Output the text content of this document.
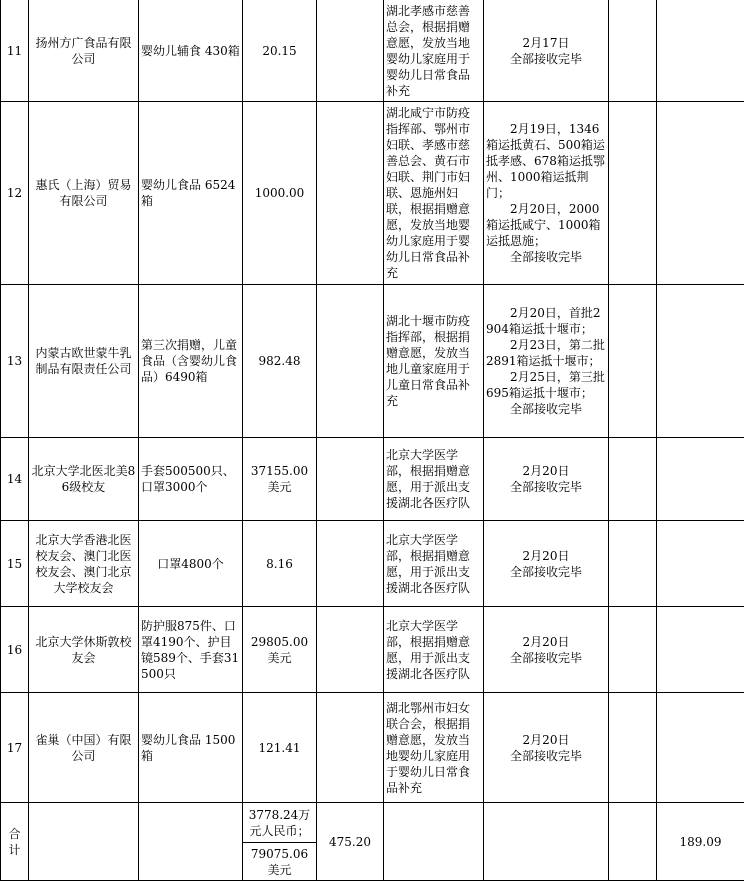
11	扬州方广食品有限公司	婴幼儿辅食 430箱	20.15		湖北孝感市慈善总会，根据捐赠意愿，发放当地婴幼儿家庭用于婴幼儿日常食品补充	2月17日
全部接收完毕		

12	惠氏（上海）贸易有限公司	婴幼儿食品 6524箱	1000.00		湖北咸宁市防疫指挥部、鄂州市妇联、孝感市慈善总会、黄石市妇联、荆门市妇联、恩施州妇联，根据捐赠意愿，发放当地婴幼儿家庭用于婴幼儿日常食品补充	2月19日，1346箱运抵黄石、500箱运抵孝感、678箱运抵鄂州、1000箱运抵荆门；
2月20日，2000箱运抵咸宁、1000箱运抵恩施；
全部接收完毕		

13	内蒙古欧世蒙牛乳制品有限责任公司	第三次捐赠，儿童食品（含婴幼儿食品）6490箱	982.48		湖北十堰市防疫指挥部，根据捐赠意愿，发放当地儿童家庭用于儿童日常食品补充	2月20日，首批2904箱运抵十堰市；
2月23日，第二批2891箱运抵十堰市；
2月25日，第三批695箱运抵十堰市；
全部接收完毕		

14	北京大学北医北美86级校友	手套500500只、口罩3000个	37155.00美元		北京大学医学部，根据捐赠意愿，用于派出支援湖北各医疗队	2月20日
全部接收完毕		

15	北京大学香港北医校友会、澳门北医校友会、澳门北京大学校友会	口罩4800个	8.16		北京大学医学部，根据捐赠意愿，用于派出支援湖北各医疗队	2月20日
全部接收完毕		

16	北京大学休斯敦校友会	防护服875件、口罩4190个、护目镜589个、手套31500只	29805.00美元		北京大学医学部，根据捐赠意愿，用于派出支援湖北各医疗队	2月20日
全部接收完毕		

17	雀巢（中国）有限公司	婴幼儿食品 1500箱	121.41		湖北鄂州市妇女联合会，根据捐赠意愿，发放当地婴幼儿家庭用于婴幼儿日常食品补充	2月20日
全部接收完毕		

合计			3778.24万元人民币；	475.20				189.09
			79075.06美元					
